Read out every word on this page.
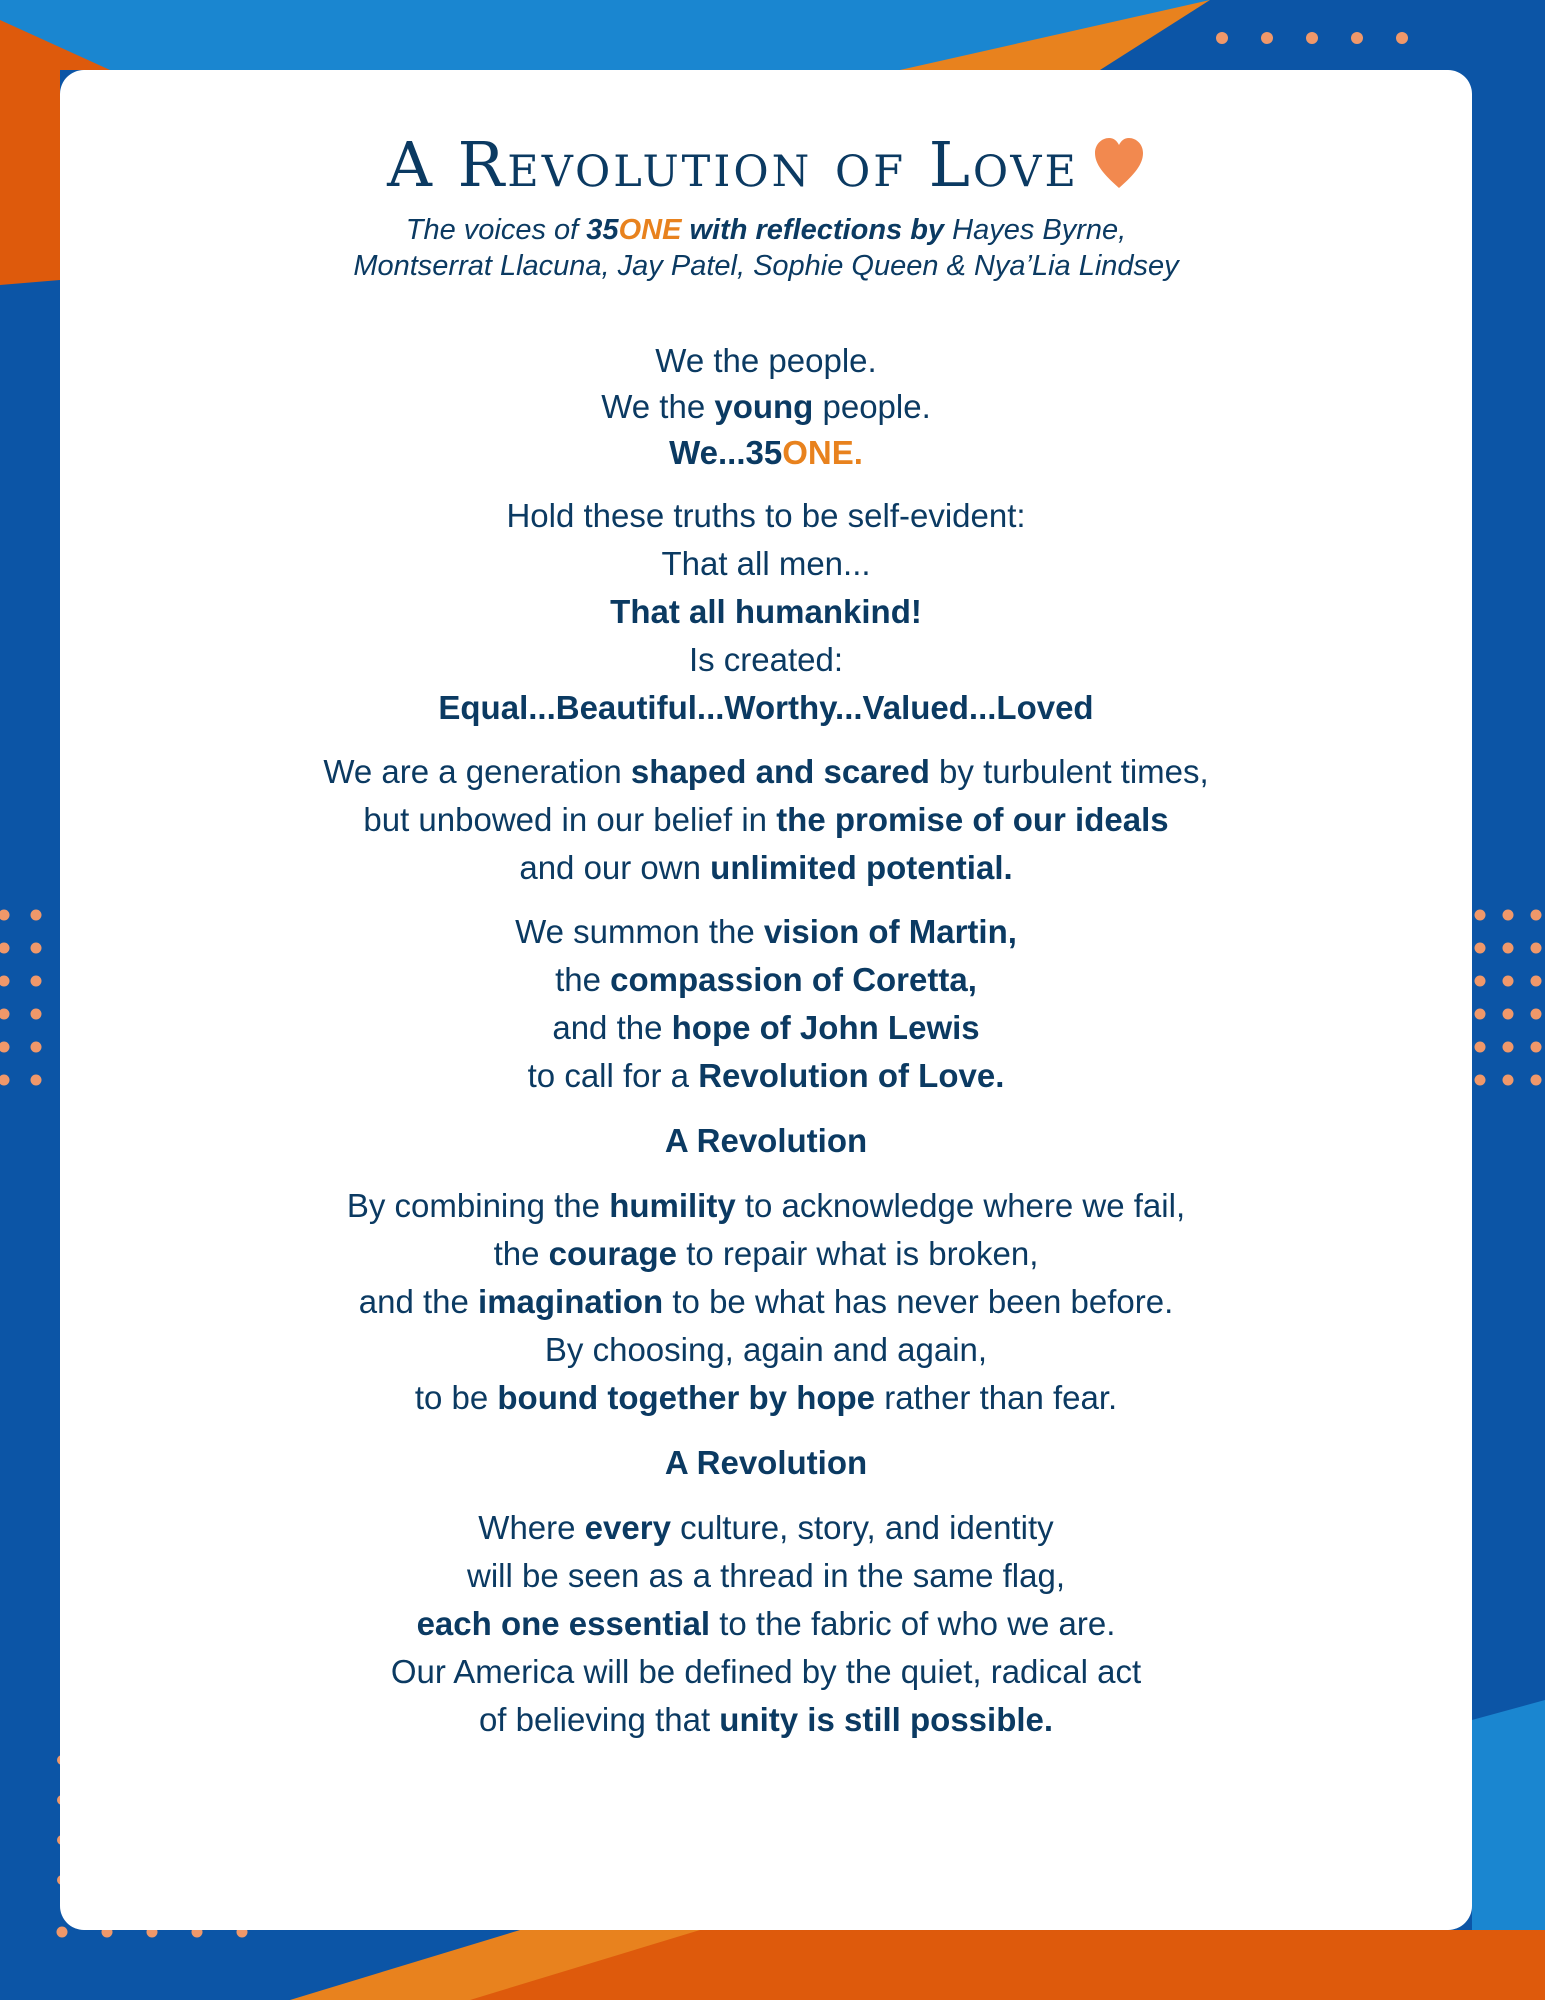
A Revolution of Love
The voices of 35ONE with reflections by Hayes Byrne,
Montserrat Llacuna, Jay Patel, Sophie Queen & Nya’Lia Lindsey

We the people.

We the young people.

We...35ONE.

Hold these truths to be self-evident:

That all men...

That all humankind!

Is created:

Equal...Beautiful...Worthy...Valued...Loved

We are a generation shaped and scared by turbulent times,

but unbowed in our belief in the promise of our ideals

and our own unlimited potential.

We summon the vision of Martin,

the compassion of Coretta,

and the hope of John Lewis

to call for a Revolution of Love.

A Revolution

By combining the humility to acknowledge where we fail,

the courage to repair what is broken,

and the imagination to be what has never been before.

By choosing, again and again,

to be bound together by hope rather than fear.

A Revolution

Where every culture, story, and identity

will be seen as a thread in the same flag,

each one essential to the fabric of who we are.

Our America will be defined by the quiet, radical act

of believing that unity is still possible.
